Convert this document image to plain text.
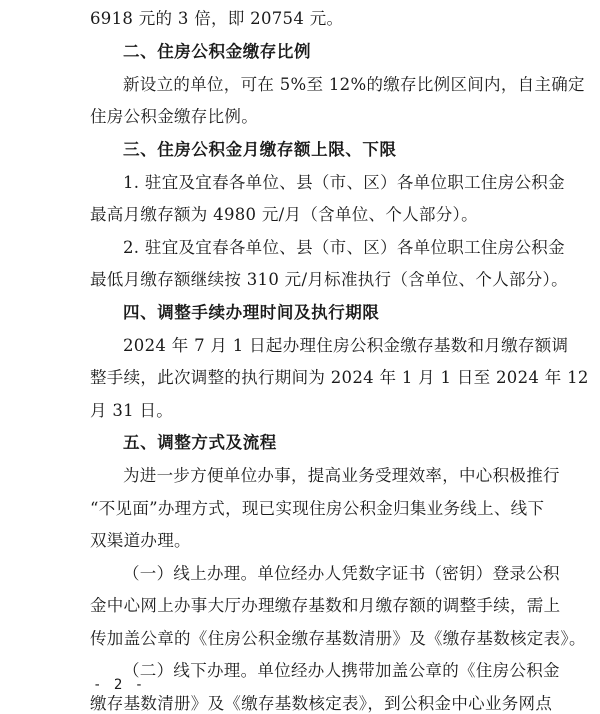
6918 元的 3 倍，即 20754 元。
二、住房公积金缴存比例
新设立的单位，可在 5%至 12%的缴存比例区间内，自主确定
住房公积金缴存比例。
三、住房公积金月缴存额上限、下限
1. 驻宜及宜春各单位、县（市、区）各单位职工住房公积金
最高月缴存额为 4980 元/月（含单位、个人部分）。
2. 驻宜及宜春各单位、县（市、区）各单位职工住房公积金
最低月缴存额继续按 310 元/月标准执行（含单位、个人部分）。
四、调整手续办理时间及执行期限
2024 年 7 月 1 日起办理住房公积金缴存基数和月缴存额调
整手续，此次调整的执行期间为 2024 年 1 月 1 日至 2024 年 12
月 31 日。
五、调整方式及流程
为进一步方便单位办事，提高业务受理效率，中心积极推行
“不见面”办理方式，现已实现住房公积金归集业务线上、线下
双渠道办理。
（一）线上办理。单位经办人凭数字证书（密钥）登录公积
金中心网上办事大厅办理缴存基数和月缴存额的调整手续，需上
传加盖公章的《住房公积金缴存基数清册》及《缴存基数核定表》。
（二）线下办理。单位经办人携带加盖公章的《住房公积金
缴存基数清册》及《缴存基数核定表》，到公积金中心业务网点
- 2 -
